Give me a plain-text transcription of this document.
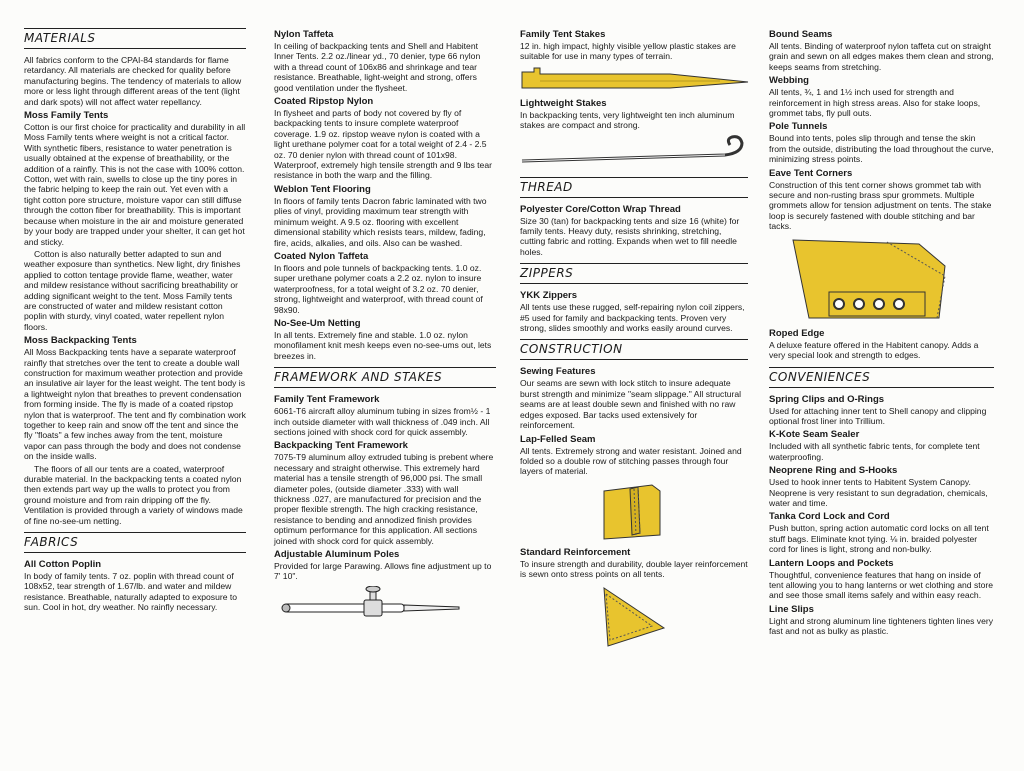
MATERIALS

All fabrics conform to the CPAI-84 standards for flame retardancy. All materials are checked for quality before manufacturing begins. The tendency of materials to allow more or less light through different areas of the tent (light and dark spots) will not affect water repellancy.

Moss Family Tents

Cotton is our first choice for practicality and durability in all Moss Family tents where weight is not a critical factor. With synthetic fibers, resistance to water penetration is usually obtained at the expense of breathability, or the addition of a rainfly. This is not the case with 100% cotton. Cotton, wet with rain, swells to close up the tiny pores in the fabric helping to keep the rain out. Yet even with a tight cotton pore structure, moisture vapor can still diffuse through the cotton fiber for breathability. This is important because when moisture in the air and moisture generated by your body are trapped under your shelter, it can get hot and sticky.

Cotton is also naturally better adapted to sun and weather exposure than synthetics. New light, dry finishes applied to cotton tentage provide flame, weather, water and mildew resistance without sacrificing breathability or adding significant weight to the tent. Moss Family tents are constructed of water and mildew resistant cotton poplin with sturdy, vinyl coated, water repellent nylon floors.

Moss Backpacking Tents

All Moss Backpacking tents have a separate waterproof rainfly that stretches over the tent to create a double wall construction for maximum weather protection and provide an insulative air layer for the least weight. The tent body is a lightweight nylon that breathes to prevent condensation from forming inside. The fly is made of a coated ripstop nylon that is waterproof. The tent and fly combination work together to keep rain and snow off the tent and since the fly "floats" a few inches away from the tent, moisture vapor can pass through the body and does not condense on the inside walls.

The floors of all our tents are a coated, waterproof durable material. In the backpacking tents a coated nylon then extends part way up the walls to protect you from ground moisture and from rain dripping off the fly. Ventilation is provided through a variety of windows made of fine no-see-um netting.

FABRICS
All Cotton Poplin

In body of family tents. 7 oz. poplin with thread count of 108x52, tear strength of 1.67/lb. and water and mildew resistance. Breathable, naturally adapted to exposure to sun. Cool in hot, dry weather. No rainfly necessary.

Nylon Taffeta

In ceiling of backpacking tents and Shell and Habitent Inner Tents. 2.2 oz./linear yd., 70 denier, type 66 nylon with a thread count of 106x86 and shrinkage and tear resistance. Breathable, light-weight and strong, offers good ventilation under the flysheet.

Coated Ripstop Nylon

In flysheet and parts of body not covered by fly of backpacking tents to insure complete waterproof coverage. 1.9 oz. ripstop weave nylon is coated with a light urethane polymer coat for a total weight of 2.4 - 2.5 oz. 70 denier nylon with thread count of 101x98. Waterproof, extremely high tensile strength and 9 lbs tear resistance in both the warp and the filling.

Weblon Tent Flooring

In floors of family tents Dacron fabric laminated with two plies of vinyl, providing maximum tear strength with minimum weight. A 9.5 oz. flooring with excellent dimensional stability which resists tears, mildew, fading, fire, acids, alkalies, and oils. Also can be washed.

Coated Nylon Taffeta

In floors and pole tunnels of backpacking tents. 1.0 oz. super urethane polymer coats a 2.2 oz. nylon to insure waterproofness, for a total weight of 3.2 oz. 70 denier, strong, lightweight and waterproof, with thread count of 98x90.

No-See-Um Netting

In all tents. Extremely fine and stable. 1.0 oz. nylon monofilament knit mesh keeps even no-see-ums out, lets breezes in.

FRAMEWORK AND STAKES
Family Tent Framework

6061-T6 aircraft alloy aluminum tubing in sizes from½ - 1 inch outside diameter with wall thickness of .049 inch. All sections joined with shock cord for quick assembly.

Backpacking Tent Framework

7075-T9 aluminum alloy extruded tubing is prebent where necessary and straight otherwise. This extremely hard material has a tensile strength of 96,000 psi. The small diameter poles, (outside diameter .333) with wall thickness .027, are manufactured for precision and the proper flexible strength. The high cracking resistance, resistance to bending and annodized finish provides optimum performance for this application. All sections joined with shock cord for quick assembly.

Adjustable Aluminum Poles

Provided for large Parawing. Allows fine adjustment up to 7' 10".

Family Tent Stakes

12 in. high impact, highly visible yellow plastic stakes are suitable for use in many types of terrain.

Lightweight Stakes

In backpacking tents, very lightweight ten inch aluminum stakes are compact and strong.

THREAD
Polyester Core/Cotton Wrap Thread

Size 30 (tan) for backpacking tents and size 16 (white) for family tents. Heavy duty, resists shrinking, stretching, cutting fabric and rotting. Expands when wet to fill needle holes.

ZIPPERS
YKK Zippers

All tents use these rugged, self-repairing nylon coil zippers, #5 used for family and backpacking tents. Proven very strong, slides smoothly and works easily around curves.

CONSTRUCTION
Sewing Features

Our seams are sewn with lock stitch to insure adequate burst strength and minimize "seam slippage." All structural seams are at least double sewn and finished with no raw edges exposed. Bar tacks used extensively for reinforcement.

Lap-Felled Seam

All tents. Extremely strong and water resistant. Joined and folded so a double row of stitching passes through four layers of material.

Standard Reinforcement

To insure strength and durability, double layer reinforcement is sewn onto stress points on all tents.

Bound Seams

All tents. Binding of waterproof nylon taffeta cut on straight grain and sewn on all edges makes them clean and strong, keeps seams from stretching.

Webbing

All tents, ¾, 1 and 1½ inch used for strength and reinforcement in high stress areas. Also for stake loops, grommet tabs, fly pull outs.

Pole Tunnels

Bound into tents, poles slip through and tense the skin from the outside, distributing the load throughout the curve, minimizing stress points.

Eave Tent Corners

Construction of this tent corner shows grommet tab with secure and non-rusting brass spur grommets. Multiple grommets allow for tension adjustment on tents. The stake loop is securely fastened with double stitching and bar tacks.

Roped Edge

A deluxe feature offered in the Habitent canopy. Adds a very special look and strength to edges.

CONVENIENCES
Spring Clips and O-Rings

Used for attaching inner tent to Shell canopy and clipping optional frost liner into Trillium.

K-Kote Seam Sealer

Included with all synthetic fabric tents, for complete tent waterproofing.

Neoprene Ring and S-Hooks

Used to hook inner tents to Habitent System Canopy. Neoprene is very resistant to sun degradation, chemicals, water and time.

Tanka Cord Lock and Cord

Push button, spring action automatic cord locks on all tent stuff bags. Eliminate knot tying. ⅛ in. braided polyester cord for lines is light, strong and non-bulky.

Lantern Loops and Pockets

Thoughtful, convenience features that hang on inside of tent allowing you to hang lanterns or wet clothing and store and see those small items safely and within easy reach.

Line Slips

Light and strong aluminum line tighteners tighten lines very fast and not as bulky as plastic.
